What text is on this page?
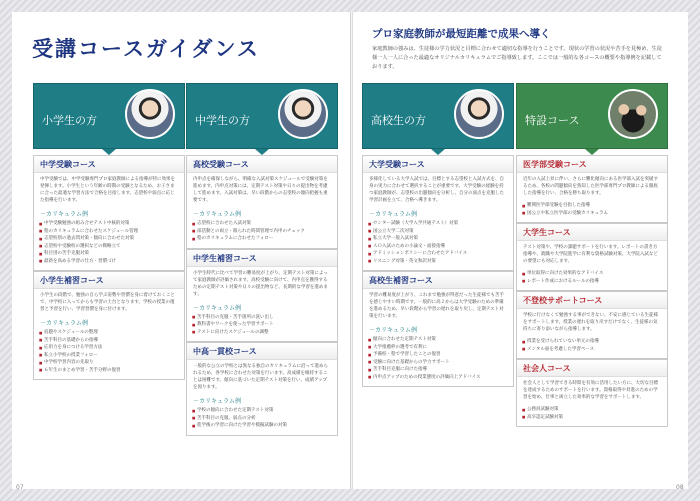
受講コースガイダンス
プロ家庭教師が最短距離で成果へ導く
家庭教師の強みは、生徒様の学力状況と目標に合わせて適切な指導を行うことです。現状の学習の状況や苦手を見極め、生徒様一人一人に合った最適なオリジナルカリキュラムでご指導致します。ここでは一般的な各コースの概要や指導例を記載しております。
小学生の方
中学受験コース
中学受験では、中学受験専門プロ家庭教師による指導が特に効果を発揮します。小学生という年齢の時期の受験となるため、お子さまに合った最適な学習方法で合格を目指します。志望校や弱点に応じた指導を行います。
－カリキュラム例
■ 中学受験勉強の組み合せテスト中核的対策
■ 塾のカリキュラムに合わせたスケジュール管理
■ 志望校別の過去問対策・傾向に合わせた対策
■ 志望校や受験校の選択などの戦略立て
■ 科目別の苦手克服対策
■ 最新を高める学習の仕方・習慣づけ
小学生補習コース
小学生の段階で、勉強の自ら学ぶ姿勢や習慣を身に着けておくことで、中学校に入ってからも学習の土台となります。学校の授業の復習と予習を行い、学習習慣を身に付けます。
－カリキュラム例
■ 宿題やスケジュールの整理
■ 苦手科目の基礎からの指導
■ 応用力を身につける学習方法
■ 私立小学校の授業フォロー
■ 中学校学習内容の先取り
■ ６年生のまとめ学習・苦手分野の復習
中学生の方
高校受験コース
内申点を確保しながら、明確な入試対策スケジュールで受験対策を進めます。内申点対策には、定期テスト対策や日々の提出物を考慮して進めます。入試対策は、早い段階からの志望校の傾向把握も重要です。
－カリキュラム例
■ 志望校に合わせた入試対策
■ 部活動との両立・限られた時間管理で内申のチェック
■ 塾のカリキュラムに合わせたフォロー
中学生補習コース
小学生時代に比べて学習の難易度が上がり、定期テスト対策によって家庭教師が評価されます。高校受験に向けて、内申点を獲得するための定期テスト対策や日々の提出物など、長期的な学習を進めます。
－カリキュラム例
■ 苦手科目の克服・苦手箇所の洗い出し
■ 教科書やワークを使った学習サポート
■ テストに向けたスケジュールの調整
中高一貫校コース
一般的な公立の学校とは異なる独自のカリキュラムに沿って進められるため、各学校に合わせた対策を行います。高成績を維持することは困難です。傾向に基づいた定期テスト対策を行い、成績アップを図ります。
－カリキュラム例
■ 学校の傾向に合わせた定期テスト対策
■ 苦手科目の克服、弱点の分析
■ 進学後の学習に向けた学習や模擬試験の対策
高校生の方
大学受験コース
多様化している大学入試では、目標とする志望校と入試方式を、自身の実力に合わせて選択することが重要です。大学受験の経験を持つ家庭教師が、志望校の出題傾向を分析し、自分の弱点を克服した学習計画を立て、合格へ導きます。
－カリキュラム例
■ センター試験（大学入学共通テスト）対策
■ 国公立大学二次対策
■ 私立大学一般入試対策
■ ＡＯ入試のための小論文・面接指導
■ アドミッションポリシーに合わせたアドバイス
■ リスニング対策・英文和訳対策
高校生補習コース
学習の難易度が上がり、これまで勉強が得意だった生徒様でも苦手を感じやすい時期です。一般的に高２からは大学受験のための準備を進めるため、早い段階から学習の遅れを取り戻し、定期テスト対策を行います。
－カリキュラム例
■ 傾向に合わせた定期テスト対策
■ 大学推薦枠の選考で有利に
■ 予備校・塾で学習したことの復習
■ 受験に向けた基礎からの学力サポート
■ 苦手科目克服に向けた指導
■ 内申点アップのための授業態度の評価向上アドバイス
特設コース
医学部受験コース
近年の入試上昇に伴い、さらに難化傾向にある医学部入試を突破するため、各校の問題傾向を熟知した医学部専門プロ教師による徹底した指導を行い、合格を勝ち取ります。
■ 難関医学部受験を目指した指導
■ 国公立や私立医学部の受験カリキュラム
大学生コース
テスト対策や、学校の課題サポートを行います。レポートの書き方指導や、就職や大学院進学に有利な資格試験対策、大学院入試などの要望にも対応します。
■ 単位取得に向けた効果的なアドバイス
■ レポート作成におけるルールの指導
不登校サポートコース
学校に行けなくて勉強する事ができない、不安に感じている生徒様をサポートします。授業の遅れを取り戻すだけでなく、生徒様の気持ちに寄り添いながら指導します。
■ 授業を受けられていない単元の指導
■ メンタル面を考慮した学習ペース
社会人コース
社会人として学習できる時間を有効に活用したい方に、大切な目標を達成するためのサポートを行います。資格取得や昇進のための学習を始め、仕事と両立した効率的な学習をサポートします。
■ 公務員試験対策
■ 高卒認定試験対策
07	08
